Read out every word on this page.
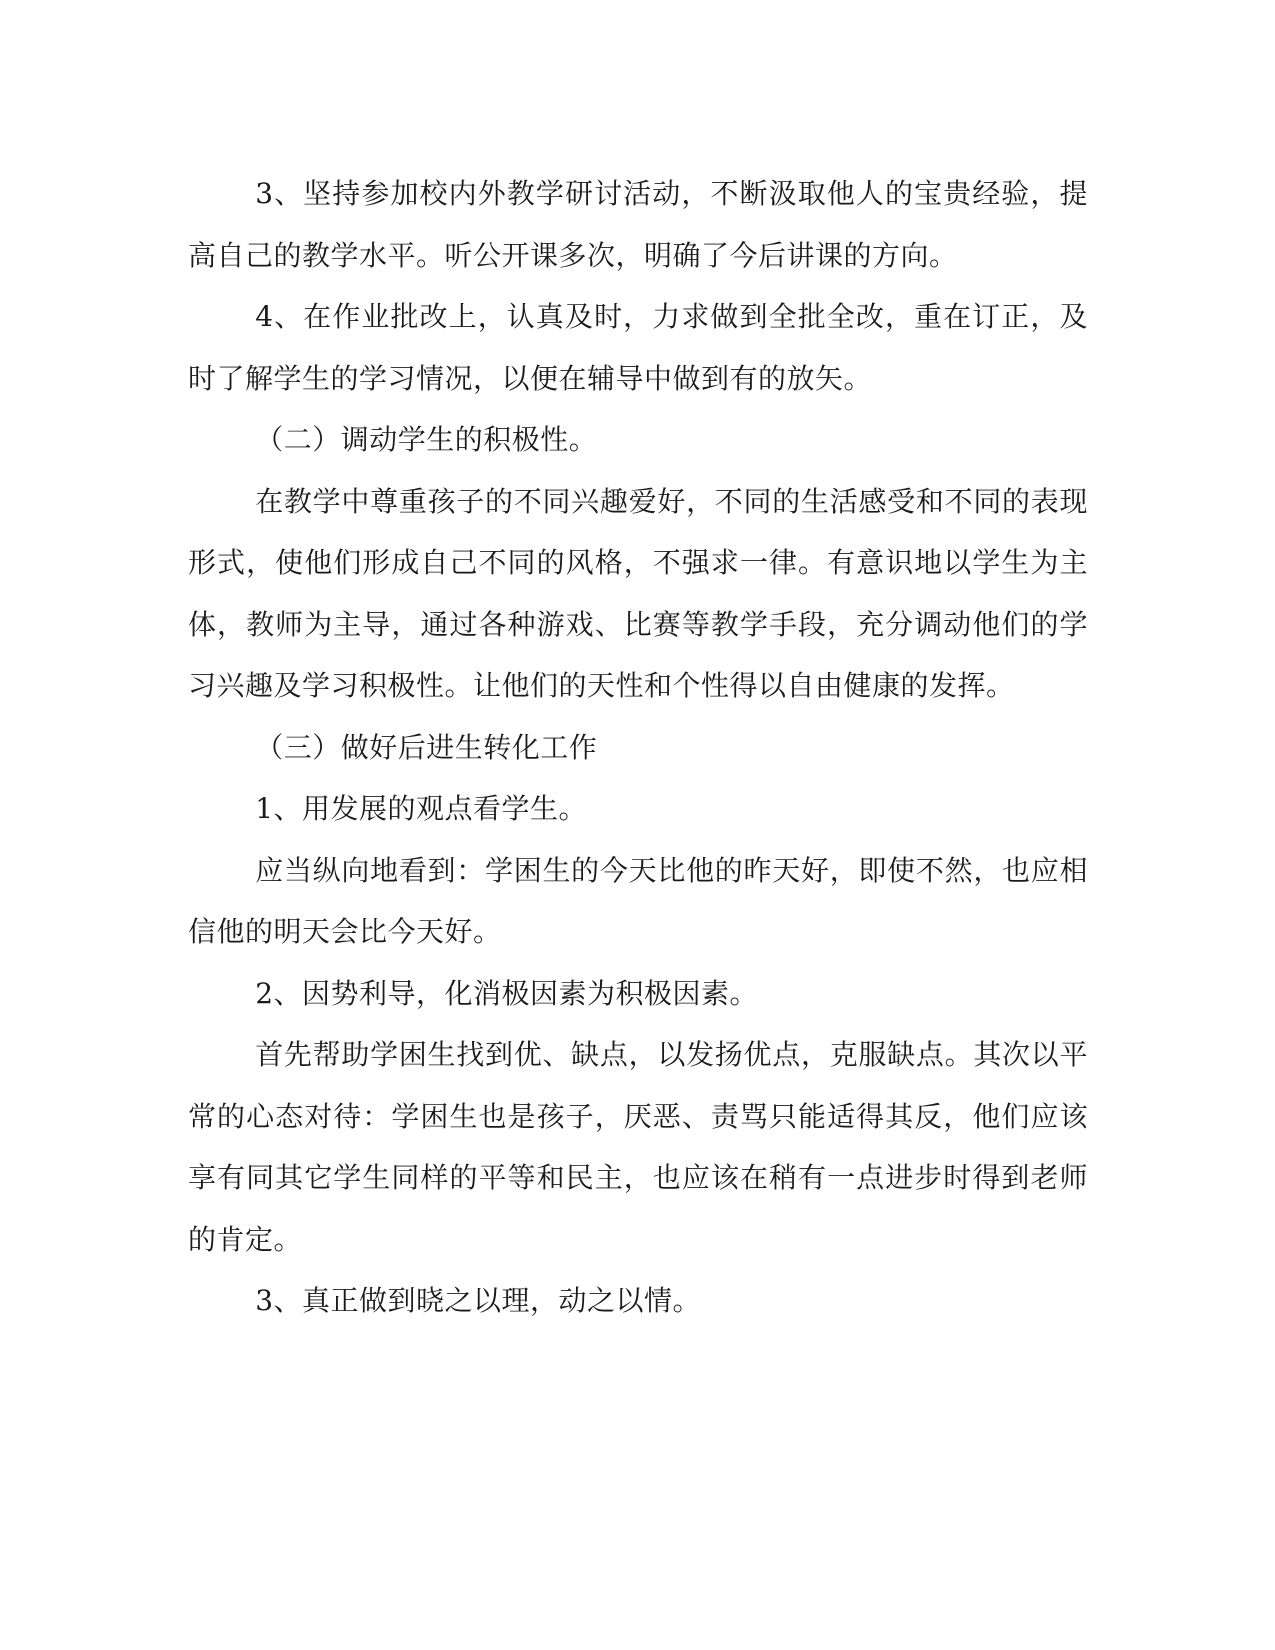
3、坚持参加校内外教学研讨活动，不断汲取他人的宝贵经验，提高自己的教学水平。听公开课多次，明确了今后讲课的方向。

4、在作业批改上，认真及时，力求做到全批全改，重在订正，及时了解学生的学习情况，以便在辅导中做到有的放矢。

（二）调动学生的积极性。

在教学中尊重孩子的不同兴趣爱好，不同的生活感受和不同的表现形式，使他们形成自己不同的风格，不强求一律。有意识地以学生为主体，教师为主导，通过各种游戏、比赛等教学手段，充分调动他们的学习兴趣及学习积极性。让他们的天性和个性得以自由健康的发挥。

（三）做好后进生转化工作

1、用发展的观点看学生。

应当纵向地看到：学困生的今天比他的昨天好，即使不然，也应相信他的明天会比今天好。

2、因势利导，化消极因素为积极因素。

首先帮助学困生找到优、缺点，以发扬优点，克服缺点。其次以平常的心态对待：学困生也是孩子，厌恶、责骂只能适得其反，他们应该享有同其它学生同样的平等和民主，也应该在稍有一点进步时得到老师的肯定。

3、真正做到晓之以理，动之以情。
